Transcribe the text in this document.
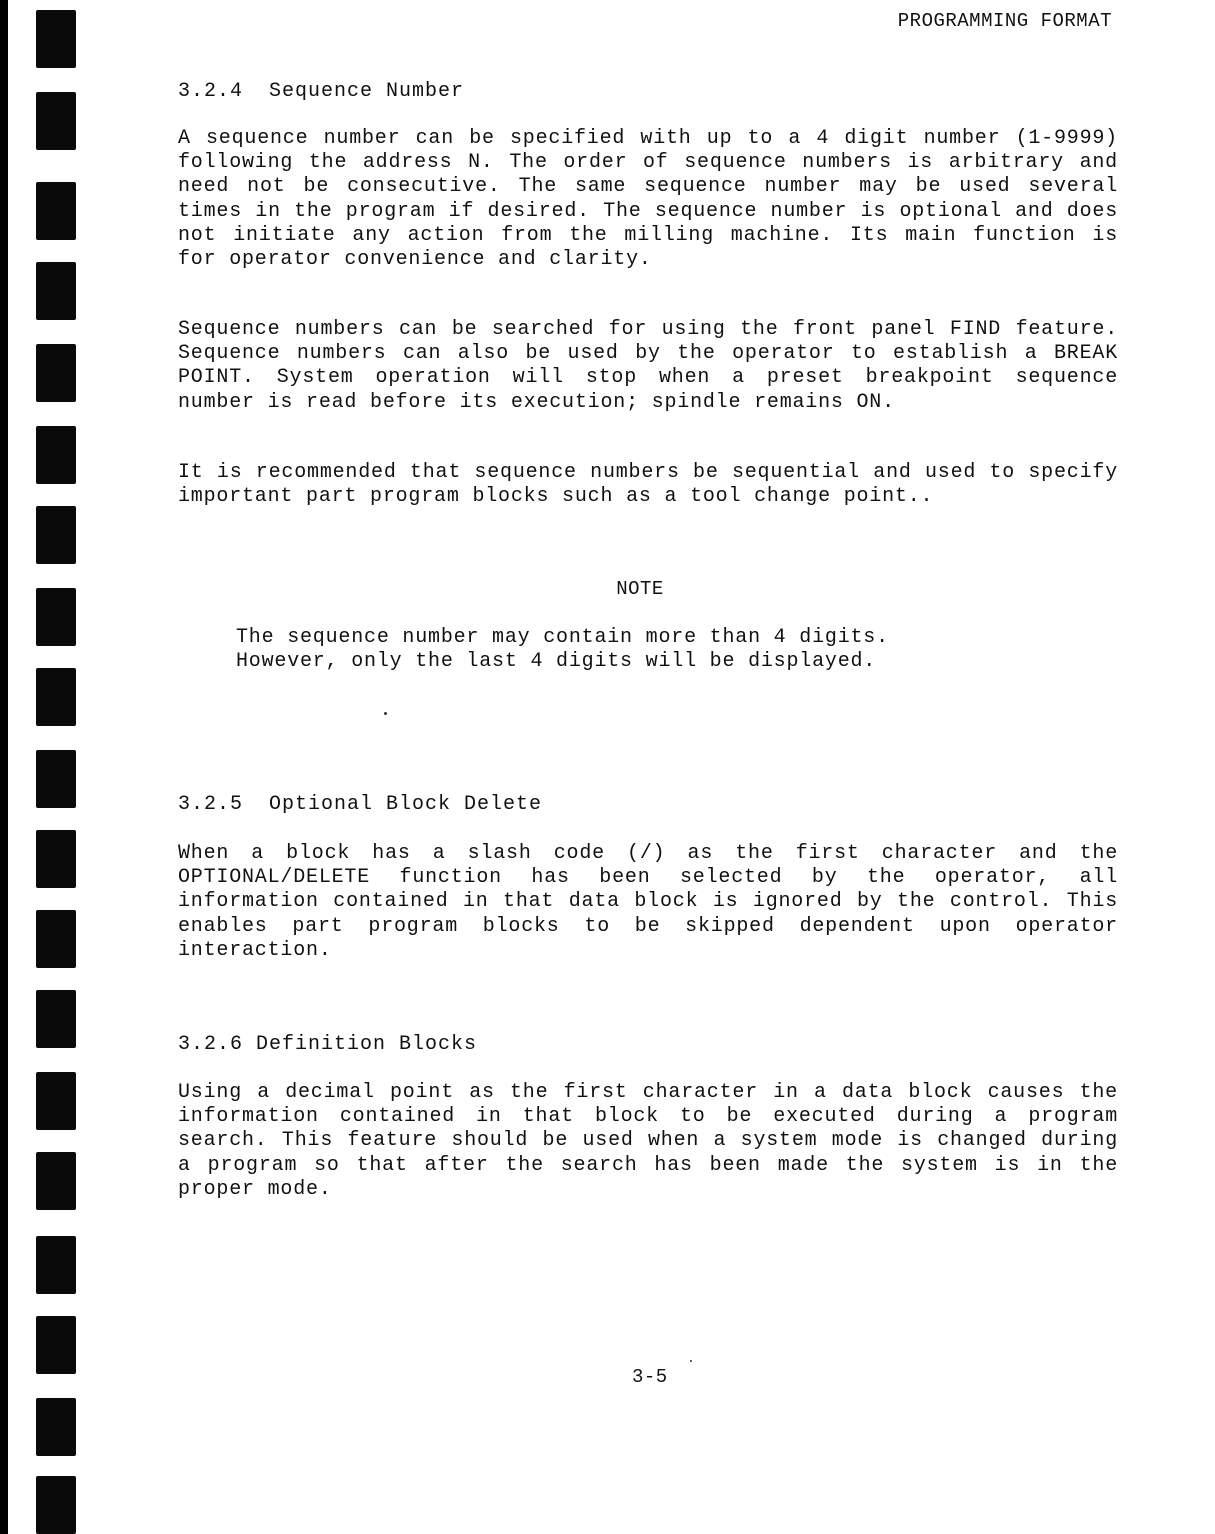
PROGRAMMING FORMAT
3.2.4  Sequence Number

A sequence number can be specified with up to a 4 digit number (1-9999) following the address N. The order of sequence numbers is arbitrary and need not be consecutive. The same sequence number may be used several times in the program if desired. The sequence number is optional and does not initiate any action from the milling machine. Its main function is for operator convenience and clarity.

Sequence numbers can be searched for using the front panel FIND feature. Sequence numbers can also be used by the operator to establish a BREAK POINT. System operation will stop when a preset breakpoint sequence number is read before its execution; spindle remains ON.

It is recommended that sequence numbers be sequential and used to specify important part program blocks such as a tool change point..

NOTE
The sequence number may contain more than 4 digits.
However, only the last 4 digits will be displayed.
3.2.5  Optional Block Delete

When a block has a slash code (/) as the first character and the OPTIONAL/DELETE function has been selected by the operator, all information contained in that data block is ignored by the control. This enables part program blocks to be skipped dependent upon operator interaction.

3.2.6 Definition Blocks

Using a decimal point as the first character in a data block causes the information contained in that block to be executed during a program search. This feature should be used when a system mode is changed during a program so that after the search has been made the system is in the proper mode.

3-5
